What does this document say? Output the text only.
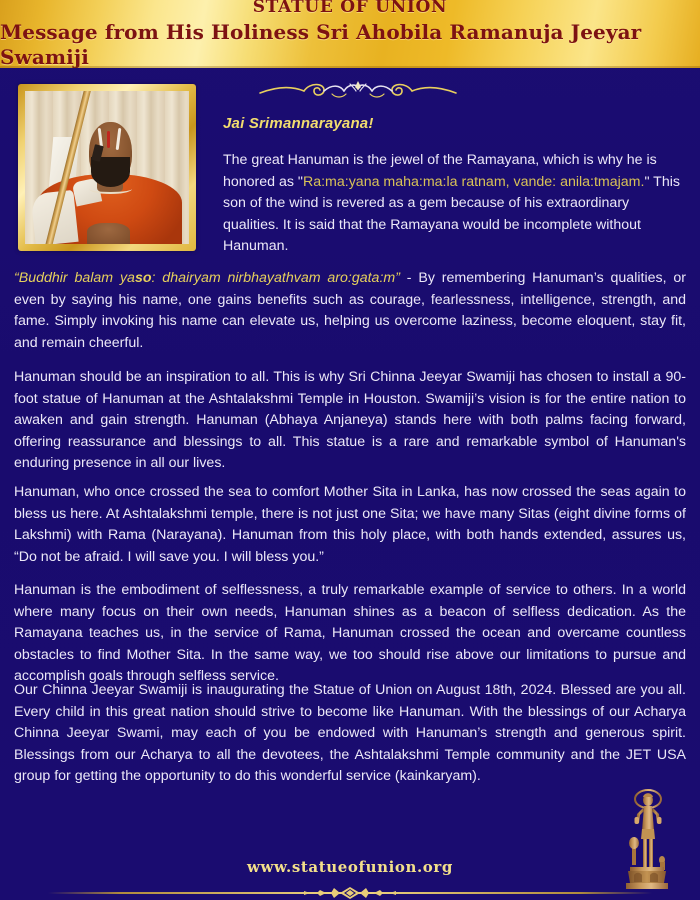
STATUE OF UNION
Message from His Holiness Sri Ahobila Ramanuja Jeeyar Swamiji
Jai Srimannarayana!
The great Hanuman is the jewel of the Ramayana, which is why he is honored as "Ra:ma:yana maha:ma:la ratnam, vande: anila:tmajam." This son of the wind is revered as a gem because of his extraordinary qualities. It is said that the Ramayana would be incomplete without Hanuman.
“Buddhir balam yaso: dhairyam nirbhayathvam aro:gata:m” - By remembering Hanuman’s qualities, or even by saying his name, one gains benefits such as courage, fearlessness, intelligence, strength, and fame. Simply invoking his name can elevate us, helping us overcome laziness, become eloquent, stay fit, and remain cheerful.
Hanuman should be an inspiration to all. This is why Sri Chinna Jeeyar Swamiji has chosen to install a 90-foot statue of Hanuman at the Ashtalakshmi Temple in Houston. Swamiji’s vision is for the entire nation to awaken and gain strength. Hanuman (Abhaya Anjaneya) stands here with both palms facing forward, offering reassurance and blessings to all. This statue is a rare and remarkable symbol of Hanuman's enduring presence in all our lives.
Hanuman, who once crossed the sea to comfort Mother Sita in Lanka, has now crossed the seas again to bless us here. At Ashtalakshmi temple, there is not just one Sita; we have many Sitas (eight divine forms of Lakshmi) with Rama (Narayana). Hanuman from this holy place, with both hands extended, assures us, “Do not be afraid. I will save you. I will bless you.”
Hanuman is the embodiment of selflessness, a truly remarkable example of service to others. In a world where many focus on their own needs, Hanuman shines as a beacon of selfless dedication. As the Ramayana teaches us, in the service of Rama, Hanuman crossed the ocean and overcame countless obstacles to find Mother Sita. In the same way, we too should rise above our limitations to pursue and accomplish goals through selfless service.
Our Chinna Jeeyar Swamiji is inaugurating the Statue of Union on August 18th, 2024. Blessed are you all. Every child in this great nation should strive to become like Hanuman. With the blessings of our Acharya Chinna Jeeyar Swami, may each of you be endowed with Hanuman’s strength and generous spirit. Blessings from our Acharya to all the devotees, the Ashtalakshmi Temple community and the JET USA group for getting the opportunity to do this wonderful service (kainkaryam).
www.statueofunion.org
